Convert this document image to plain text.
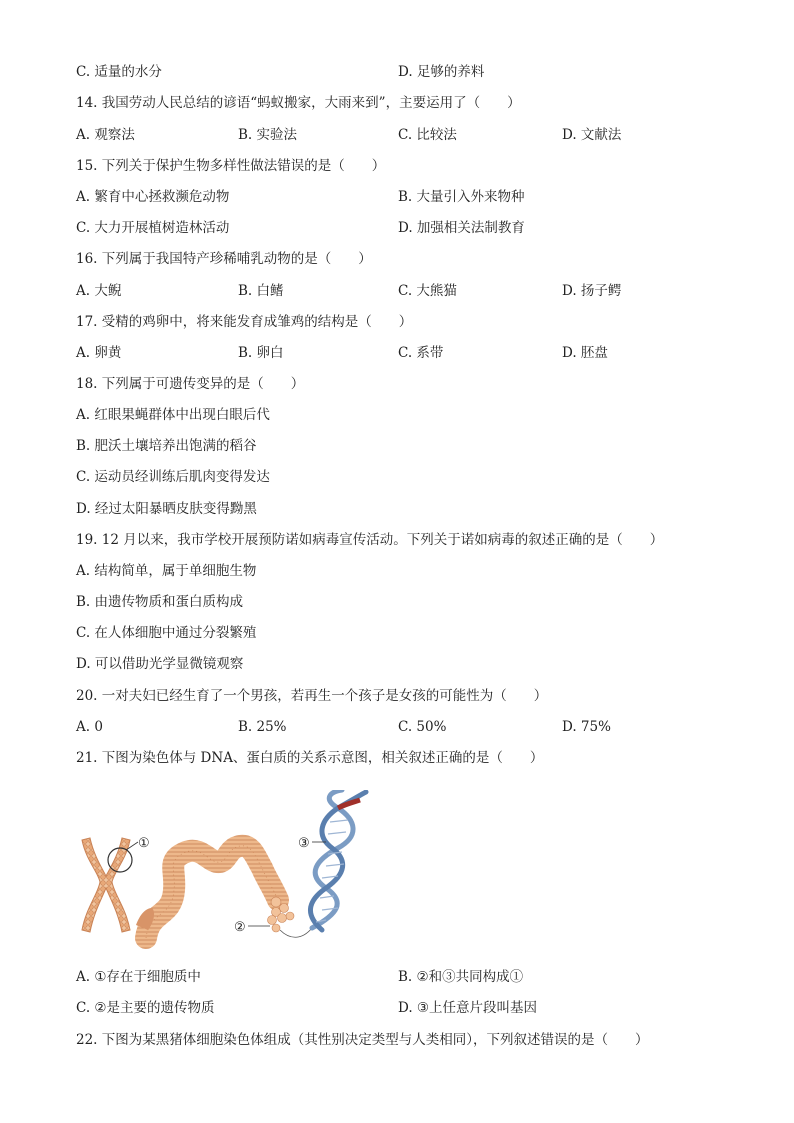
C. 适量的水分	D. 足够的养料
14. 我国劳动人民总结的谚语“蚂蚁搬家，大雨来到”，主要运用了（　　）
A. 观察法	B. 实验法	C. 比较法	D. 文献法
15. 下列关于保护生物多样性做法错误的是（　　）
A. 繁育中心拯救濒危动物	B. 大量引入外来物种
C. 大力开展植树造林活动	D. 加强相关法制教育
16. 下列属于我国特产珍稀哺乳动物的是（　　）
A. 大鲵	B. 白鳍	C. 大熊猫	D. 扬子鳄
17. 受精的鸡卵中，将来能发育成雏鸡的结构是（　　）
A. 卵黄	B. 卵白	C. 系带	D. 胚盘
18. 下列属于可遗传变异的是（　　）
A. 红眼果蝇群体中出现白眼后代
B. 肥沃土壤培养出饱满的稻谷
C. 运动员经训练后肌肉变得发达
D. 经过太阳暴晒皮肤变得黝黑
19. 12 月以来，我市学校开展预防诺如病毒宣传活动。下列关于诺如病毒的叙述正确的是（　　）
A. 结构简单，属于单细胞生物
B. 由遗传物质和蛋白质构成
C. 在人体细胞中通过分裂繁殖
D. 可以借助光学显微镜观察
20. 一对夫妇已经生育了一个男孩，若再生一个孩子是女孩的可能性为（　　）
A. 0	B. 25%	C. 50%	D. 75%
21. 下图为染色体与 DNA、蛋白质的关系示意图，相关叙述正确的是（　　）
①
②
③
A. ①存在于细胞质中	B. ②和③共同构成①
C. ②是主要的遗传物质	D. ③上任意片段叫基因
22. 下图为某黑猪体细胞染色体组成（其性别决定类型与人类相同），下列叙述错误的是（　　）
